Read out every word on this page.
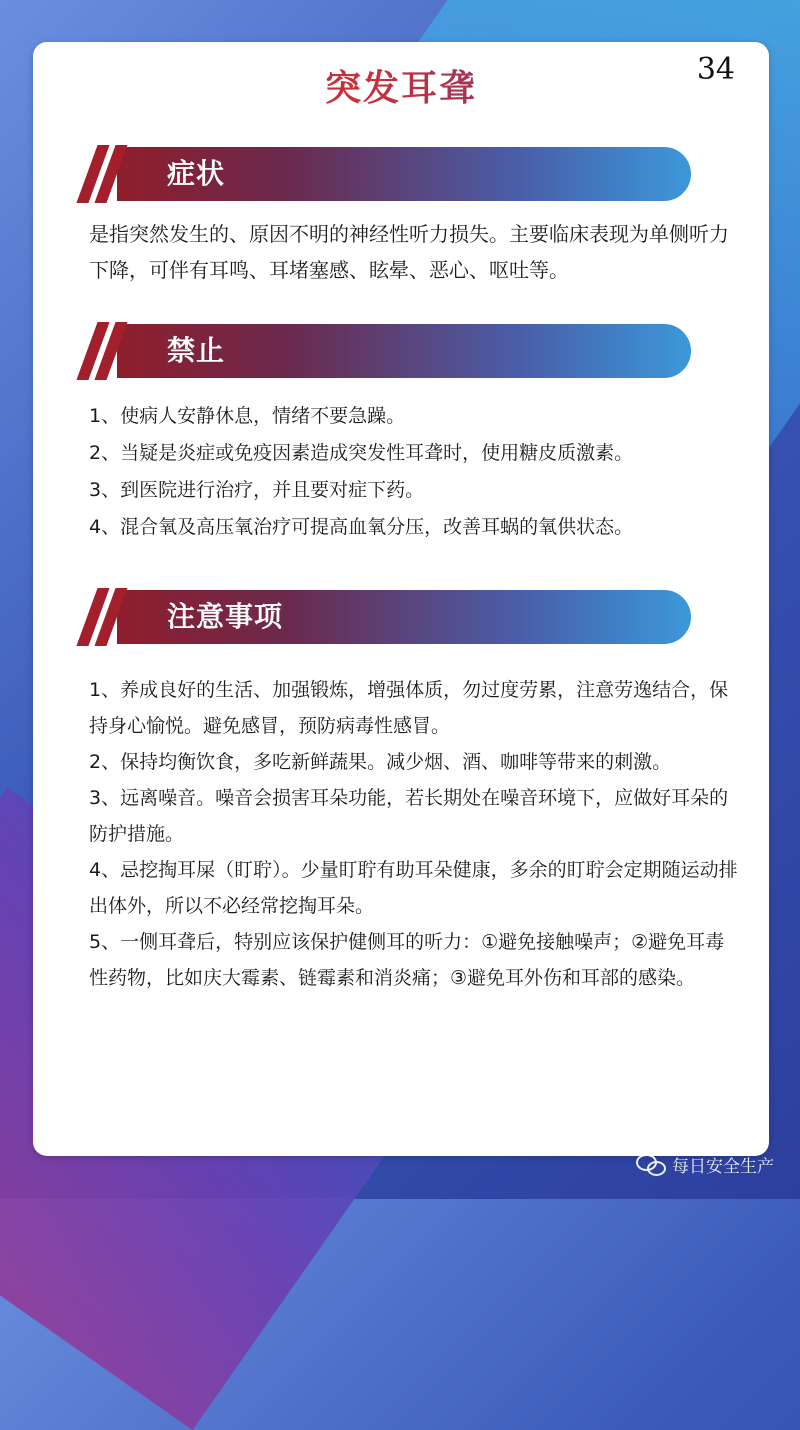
突发耳聋	34
症状

是指突然发生的、原因不明的神经性听力损失。主要临床表现为单侧听力下降，可伴有耳鸣、耳堵塞感、眩晕、恶心、呕吐等。

禁止
1、使病人安静休息，情绪不要急躁。
2、当疑是炎症或免疫因素造成突发性耳聋时，使用糖皮质激素。
3、到医院进行治疗，并且要对症下药。
4、混合氧及高压氧治疗可提高血氧分压，改善耳蜗的氧供状态。
注意事项
1、养成良好的生活、加强锻炼，增强体质，勿过度劳累，注意劳逸结合，保持身心愉悦。避免感冒，预防病毒性感冒。
2、保持均衡饮食，多吃新鲜蔬果。减少烟、酒、咖啡等带来的刺激。
3、远离噪音。噪音会损害耳朵功能，若长期处在噪音环境下，应做好耳朵的防护措施。
4、忌挖掏耳屎（盯聍）。少量盯聍有助耳朵健康，多余的盯聍会定期随运动排出体外，所以不必经常挖掏耳朵。
5、一侧耳聋后，特别应该保护健侧耳的听力：①避免接触噪声；②避免耳毒性药物，比如庆大霉素、链霉素和消炎痛；③避免耳外伤和耳部的感染。
每日安全生产
